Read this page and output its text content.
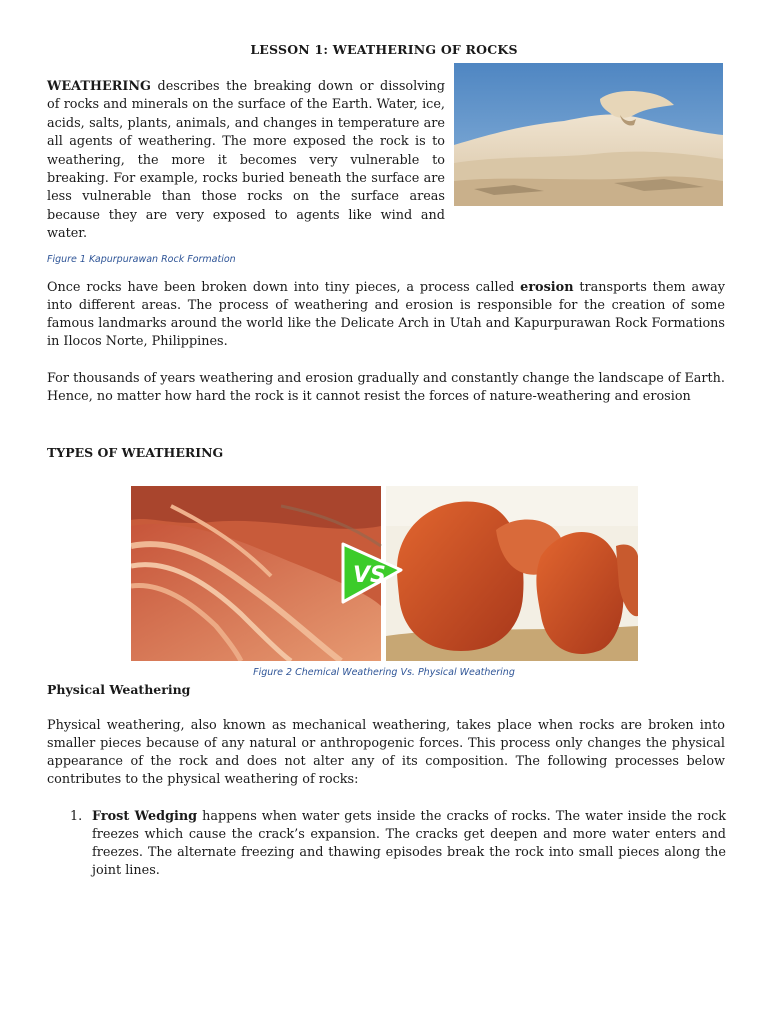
LESSON 1: WEATHERING OF ROCKS

WEATHERING describes the breaking down or dissolving of rocks and minerals on the surface of the Earth. Water, ice, acids, salts, plants, animals, and changes in temperature are all agents of weathering. The more exposed the rock is to weathering, the more it becomes very vulnerable to breaking. For example, rocks buried beneath the surface are less vulnerable than those rocks on the surface areas because they are very exposed to agents like wind and water.

Figure 1 Kapurpurawan Rock Formation

Once rocks have been broken down into tiny pieces, a process called erosion transports them away into different areas. The process of weathering and erosion is responsible for the creation of some famous landmarks around the world like the Delicate Arch in Utah and Kapurpurawan Rock Formations in Ilocos Norte, Philippines.

For thousands of years weathering and erosion gradually and constantly change the landscape of Earth. Hence, no matter how hard the rock is it cannot resist the forces of nature-weathering and erosion

TYPES OF WEATHERING
VS
Figure 2 Chemical Weathering Vs. Physical Weathering
Physical Weathering

Physical weathering, also known as mechanical weathering, takes place when rocks are broken into smaller pieces because of any natural or anthropogenic forces. This process only changes the physical appearance of the rock and does not alter any of its composition. The following processes below contributes to the physical weathering of rocks:

1. Frost Wedging happens when water gets inside the cracks of rocks. The water inside the rock freezes which cause the crack’s expansion. The cracks get deepen and more water enters and freezes. The alternate freezing and thawing episodes break the rock into small pieces along the joint lines.
